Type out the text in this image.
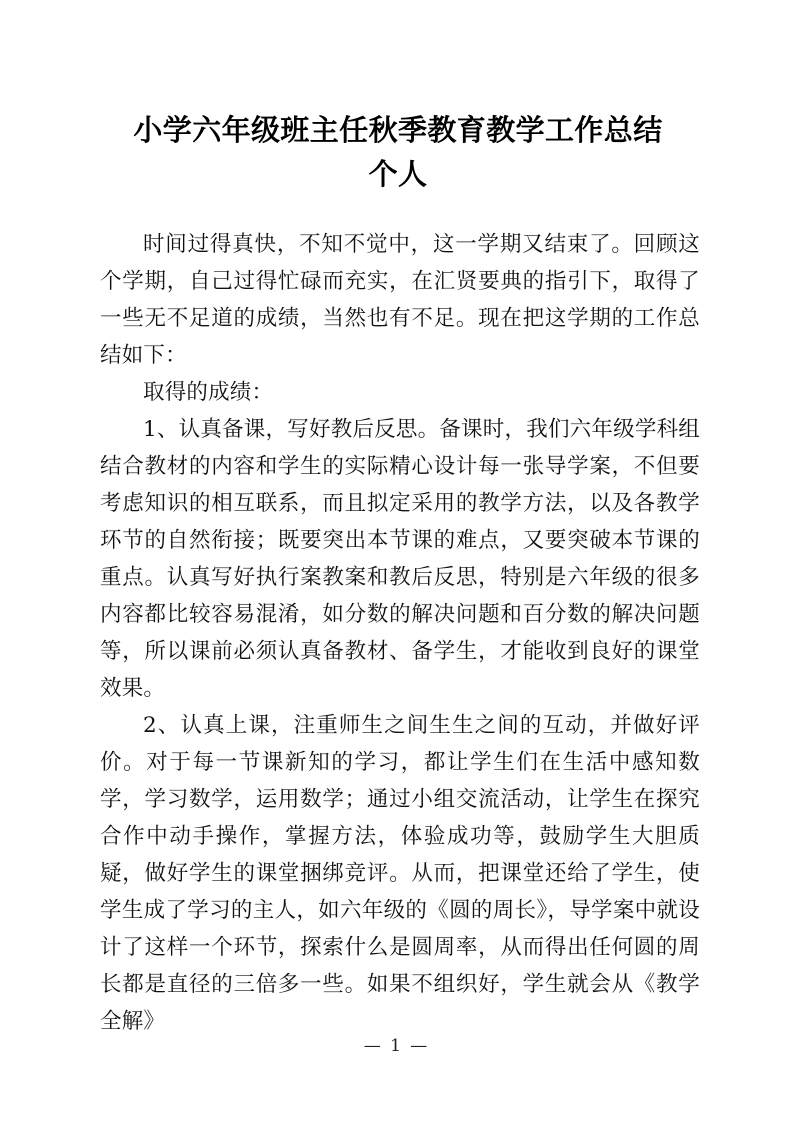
小学六年级班主任秋季教育教学工作总结
个人

时间过得真快，不知不觉中，这一学期又结束了。回顾这个学期，自己过得忙碌而充实，在汇贤要典的指引下，取得了一些无不足道的成绩，当然也有不足。现在把这学期的工作总结如下：

取得的成绩：

1、认真备课，写好教后反思。备课时，我们六年级学科组结合教材的内容和学生的实际精心设计每一张导学案，不但要考虑知识的相互联系，而且拟定采用的教学方法，以及各教学环节的自然衔接；既要突出本节课的难点，又要突破本节课的重点。认真写好执行案教案和教后反思，特别是六年级的很多内容都比较容易混淆，如分数的解决问题和百分数的解决问题等，所以课前必须认真备教材、备学生，才能收到良好的课堂效果。

2、认真上课，注重师生之间生生之间的互动，并做好评价。对于每一节课新知的学习，都让学生们在生活中感知数学，学习数学，运用数学；通过小组交流活动，让学生在探究合作中动手操作，掌握方法，体验成功等，鼓励学生大胆质疑，做好学生的课堂捆绑竞评。从而，把课堂还给了学生，使学生成了学习的主人，如六年级的《圆的周长》，导学案中就设计了这样一个环节，探索什么是圆周率，从而得出任何圆的周长都是直径的三倍多一些。如果不组织好，学生就会从《教学全解》

— 1 —
